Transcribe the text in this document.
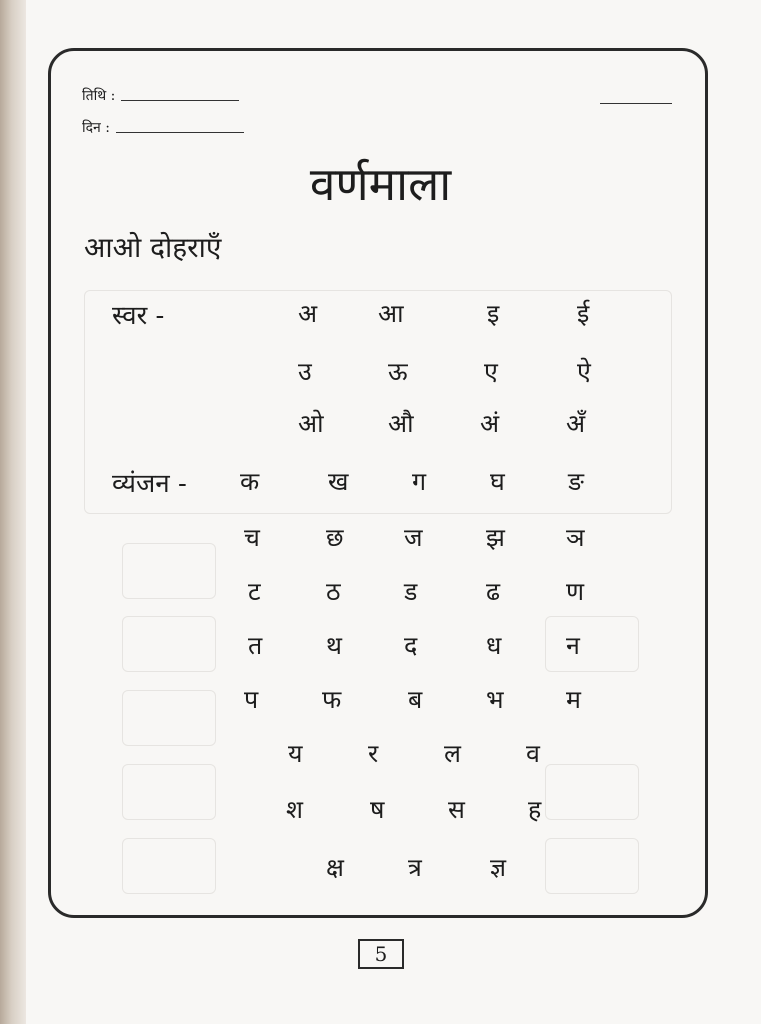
तिथि :
दिन :
वर्णमाला
आओ दोहराएँ
स्वर -	अ आ	इ	ई
उ	ऊ	ए	ऐ
ओ	औ	अं	अँ
व्यंजन - क	ख	ग	घ	ङ
च	छ ज	झ ञ
ट	ठ	ड	ढ	ण
त	थ द	ध	न
प	फ	ब	भ म
य	र	ल	व
श	ष	स	ह
क्ष	त्र	ज्ञ
5
